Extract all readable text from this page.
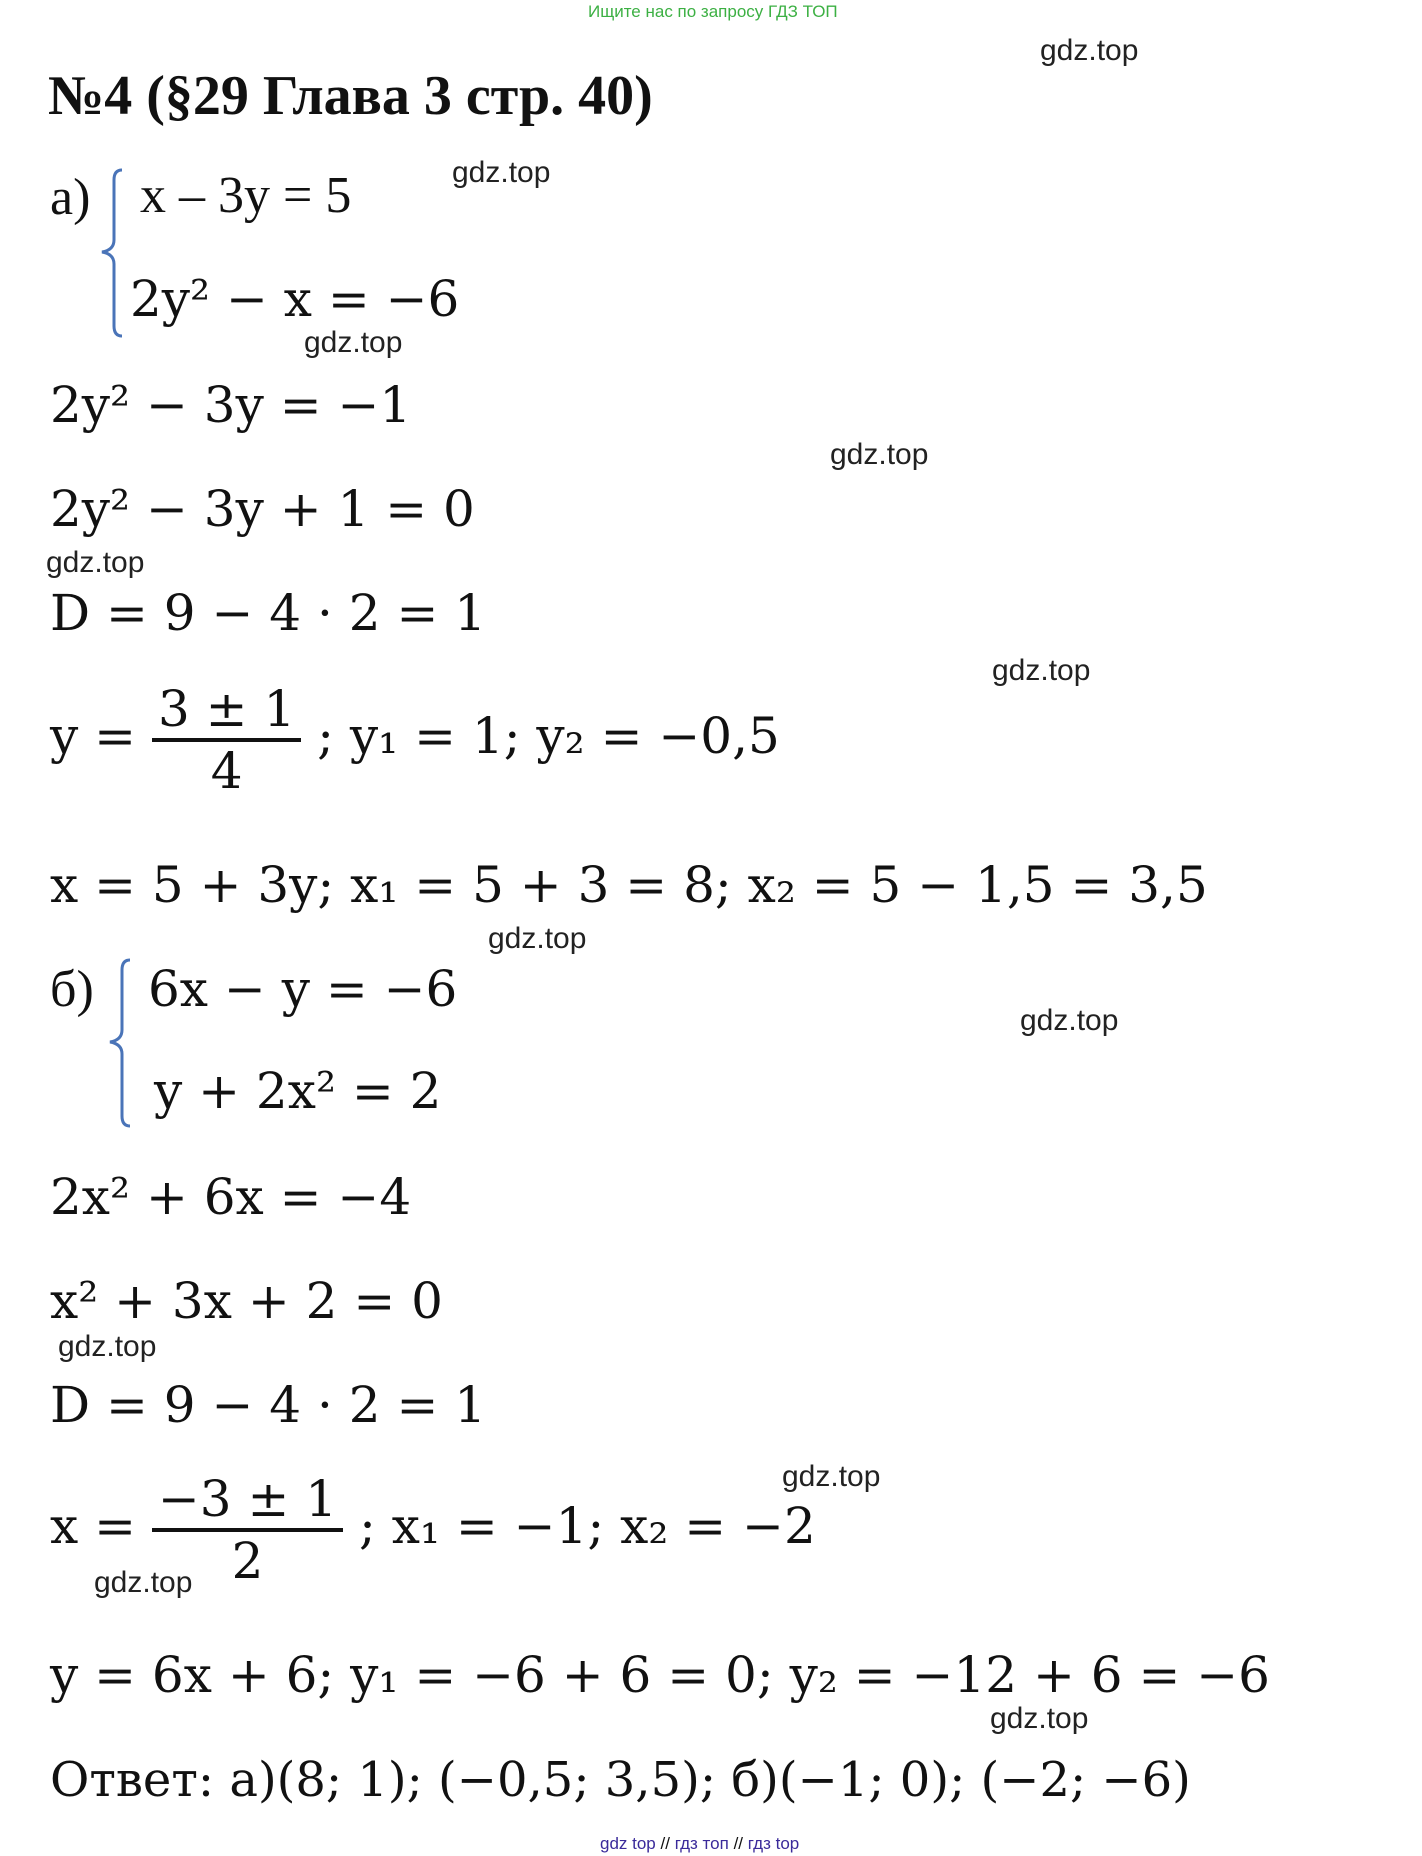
Ищите нас по запросу ГДЗ ТОП
№4 (§29 Глава 3 стр. 40)
а) x – 3y = 5
2y² − x = −6
2y² − 3y = −1
2y² − 3y + 1 = 0
D = 9 − 4 · 2 = 1
$y = \frac{3 \pm 1}{4}$ ; y₁ = 1; y₂ = −0,5
x = 5 + 3y; x₁ = 5 + 3 = 8; x₂ = 5 − 1,5 = 3,5
б) 6x − y = −6
y + 2x² = 2
2x² + 6x = −4
x² + 3x + 2 = 0
D = 9 − 4 · 2 = 1
$x = \frac{-3 \pm 1}{2}$ ; x₁ = −1; x₂ = −2
y = 6x + 6; y₁ = −6 + 6 = 0; y₂ = −12 + 6 = −6
Ответ: а)(8; 1); (−0,5; 3,5); б)(−1; 0); (−2; −6)
gdz.top
gdz.top
gdz.top
gdz.top
gdz.top
gdz.top
gdz.top
gdz.top
gdz.top
gdz.top
gdz.top
gdz.top
gdz top // гдз топ // гдз top
